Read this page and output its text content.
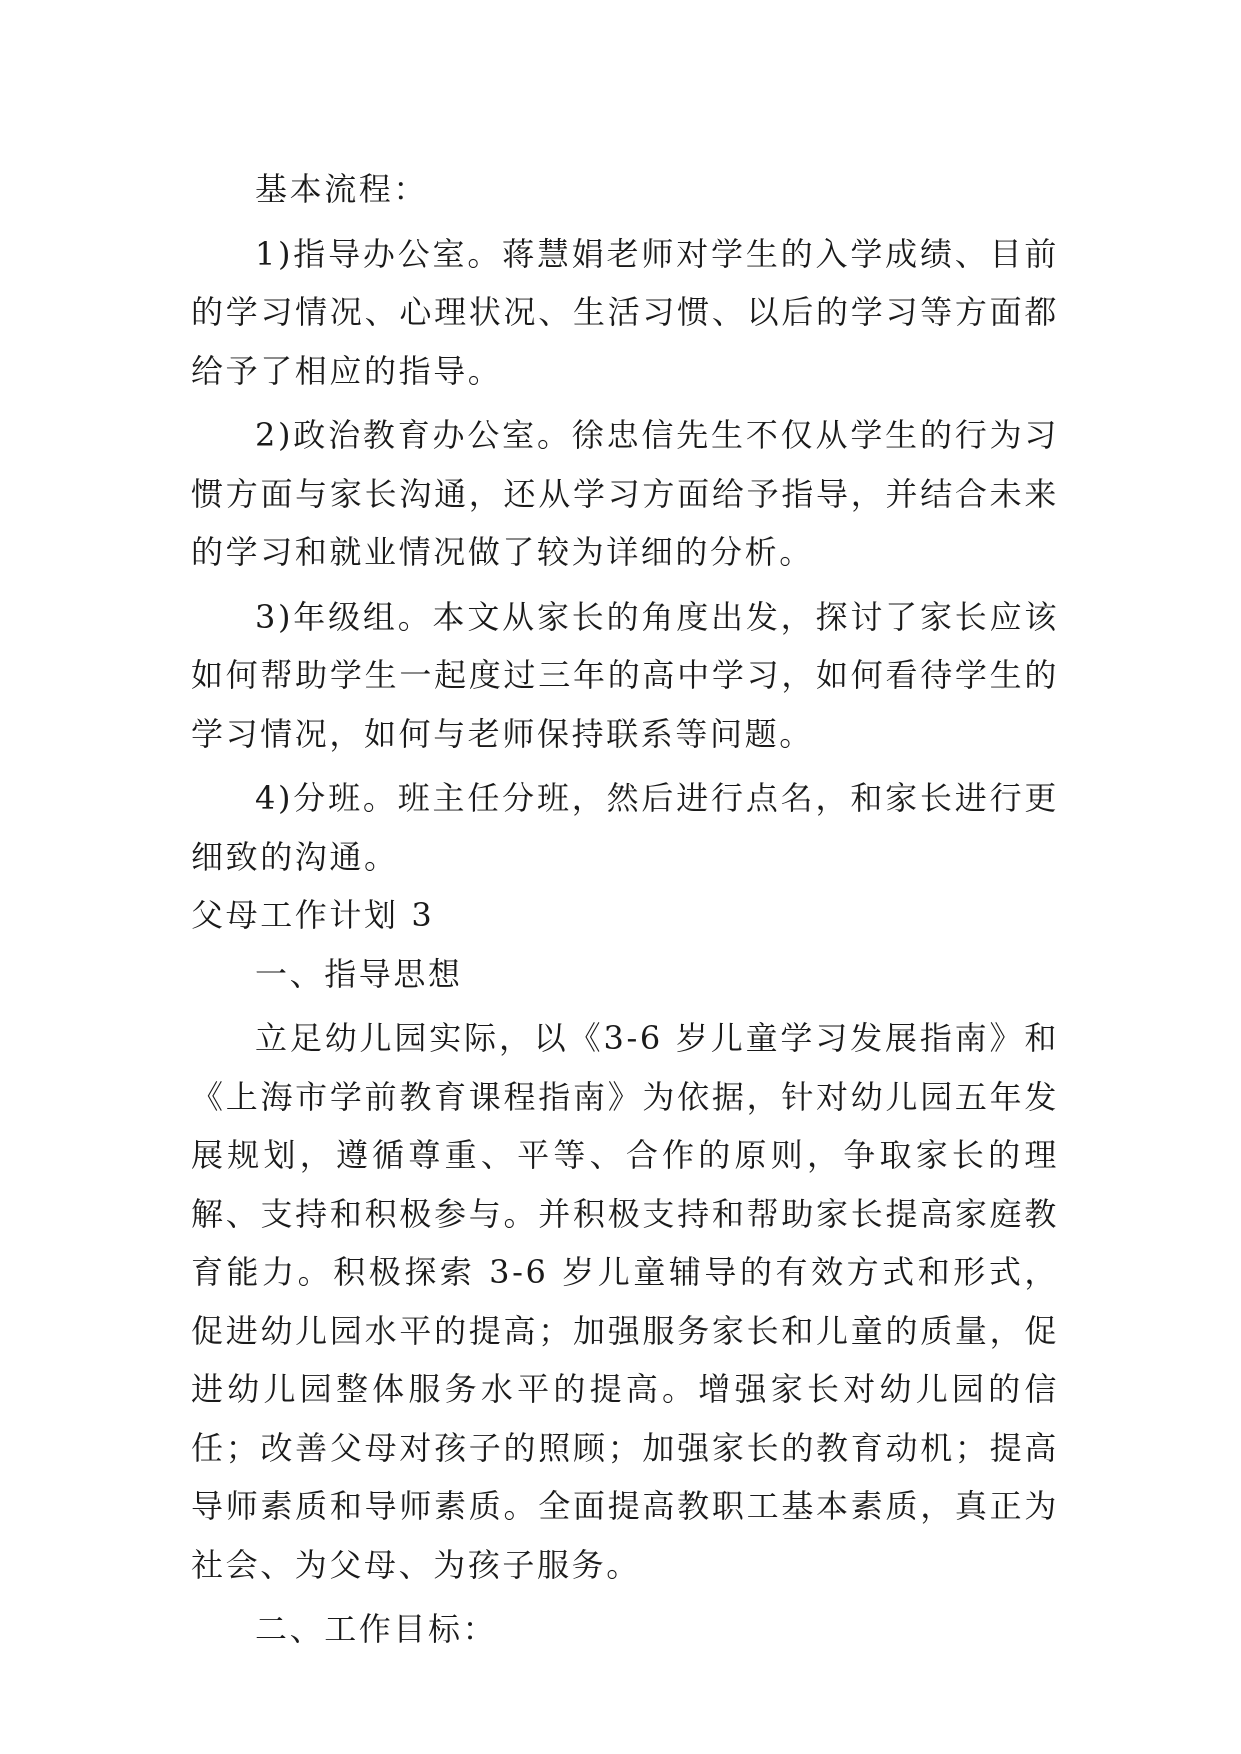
基本流程：

1)指导办公室。蒋慧娟老师对学生的入学成绩、目前的学习情况、心理状况、生活习惯、以后的学习等方面都给予了相应的指导。

2)政治教育办公室。徐忠信先生不仅从学生的行为习惯方面与家长沟通，还从学习方面给予指导，并结合未来的学习和就业情况做了较为详细的分析。

3)年级组。本文从家长的角度出发，探讨了家长应该如何帮助学生一起度过三年的高中学习，如何看待学生的学习情况，如何与老师保持联系等问题。

4)分班。班主任分班，然后进行点名，和家长进行更细致的沟通。

父母工作计划 3

一、指导思想

立足幼儿园实际，以《3-6 岁儿童学习发展指南》和《上海市学前教育课程指南》为依据，针对幼儿园五年发展规划，遵循尊重、平等、合作的原则，争取家长的理解、支持和积极参与。并积极支持和帮助家长提高家庭教育能力。积极探索 3-6 岁儿童辅导的有效方式和形式，促进幼儿园水平的提高；加强服务家长和儿童的质量，促进幼儿园整体服务水平的提高。增强家长对幼儿园的信任；改善父母对孩子的照顾；加强家长的教育动机；提高导师素质和导师素质。全面提高教职工基本素质，真正为社会、为父母、为孩子服务。

二、工作目标：
